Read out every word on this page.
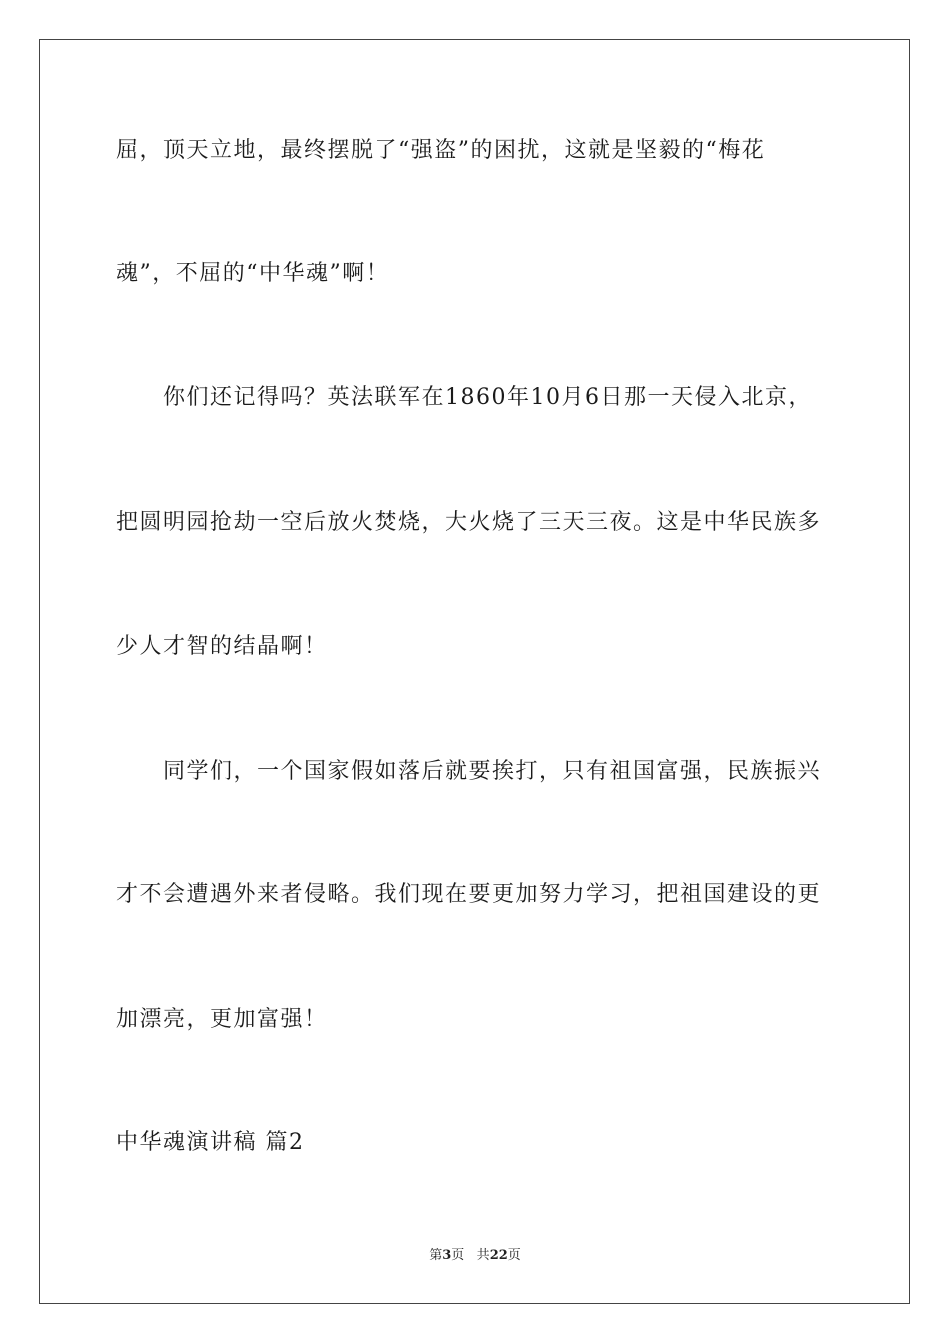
屈，顶天立地，最终摆脱了“强盗”的困扰，这就是坚毅的“梅花
魂”，不屈的“中华魂”啊！
你们还记得吗？英法联军在1860年10月6日那一天侵入北京，
把圆明园抢劫一空后放火焚烧，大火烧了三天三夜。这是中华民族多
少人才智的结晶啊！
同学们，一个国家假如落后就要挨打，只有祖国富强，民族振兴
才不会遭遇外来者侵略。我们现在要更加努力学习，把祖国建设的更
加漂亮，更加富强！
中华魂演讲稿 篇2
第3页 共22页
